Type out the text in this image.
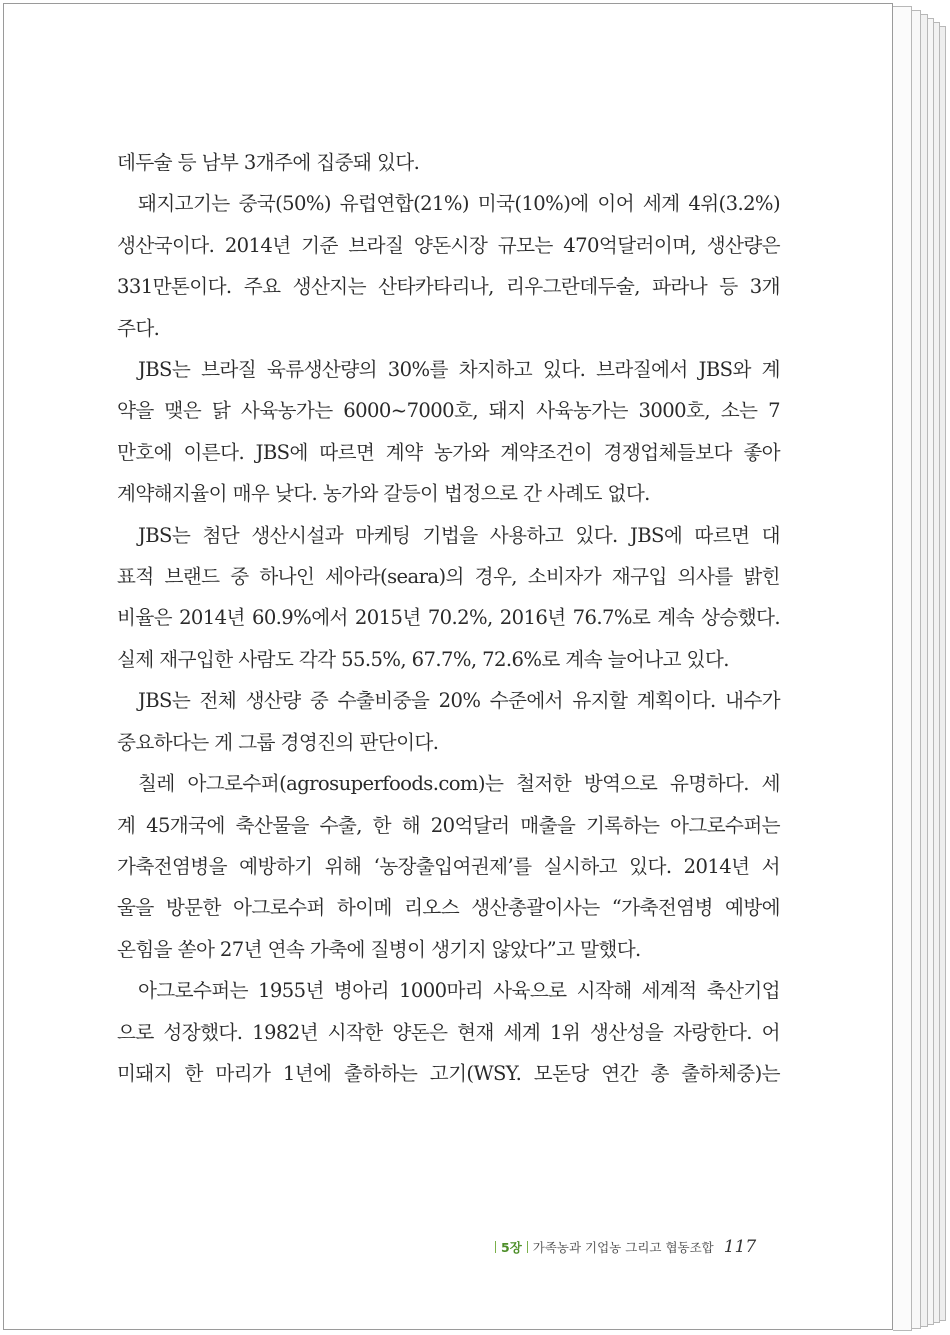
데두술 등 남부 3개주에 집중돼 있다.

돼지고기는 중국(50%) 유럽연합(21%) 미국(10%)에 이어 세계 4위(3.2%)

생산국이다. 2014년 기준 브라질 양돈시장 규모는 470억달러이며, 생산량은

331만톤이다. 주요 생산지는 산타카타리나, 리우그란데두술, 파라나 등 3개

주다.

JBS는 브라질 육류생산량의 30%를 차지하고 있다. 브라질에서 JBS와 계

약을 맺은 닭 사육농가는 6000~7000호, 돼지 사육농가는 3000호, 소는 7

만호에 이른다. JBS에 따르면 계약 농가와 계약조건이 경쟁업체들보다 좋아

계약해지율이 매우 낮다. 농가와 갈등이 법정으로 간 사례도 없다.

JBS는 첨단 생산시설과 마케팅 기법을 사용하고 있다. JBS에 따르면 대

표적 브랜드 중 하나인 세아라(seara)의 경우, 소비자가 재구입 의사를 밝힌

비율은 2014년 60.9%에서 2015년 70.2%, 2016년 76.7%로 계속 상승했다.

실제 재구입한 사람도 각각 55.5%, 67.7%, 72.6%로 계속 늘어나고 있다.

JBS는 전체 생산량 중 수출비중을 20% 수준에서 유지할 계획이다. 내수가

중요하다는 게 그룹 경영진의 판단이다.

칠레 아그로수퍼(agrosuperfoods.com)는 철저한 방역으로 유명하다. 세

계 45개국에 축산물을 수출, 한 해 20억달러 매출을 기록하는 아그로수퍼는

가축전염병을 예방하기 위해 ‘농장출입여권제’를 실시하고 있다. 2014년 서

울을 방문한 아그로수퍼 하이메 리오스 생산총괄이사는 “가축전염병 예방에

온힘을 쏟아 27년 연속 가축에 질병이 생기지 않았다”고 말했다.

아그로수퍼는 1955년 병아리 1000마리 사육으로 시작해 세계적 축산기업

으로 성장했다. 1982년 시작한 양돈은 현재 세계 1위 생산성을 자랑한다. 어

미돼지 한 마리가 1년에 출하하는 고기(WSY. 모돈당 연간 총 출하체중)는

5장 가족농과 기업농 그리고 협동조합 117
